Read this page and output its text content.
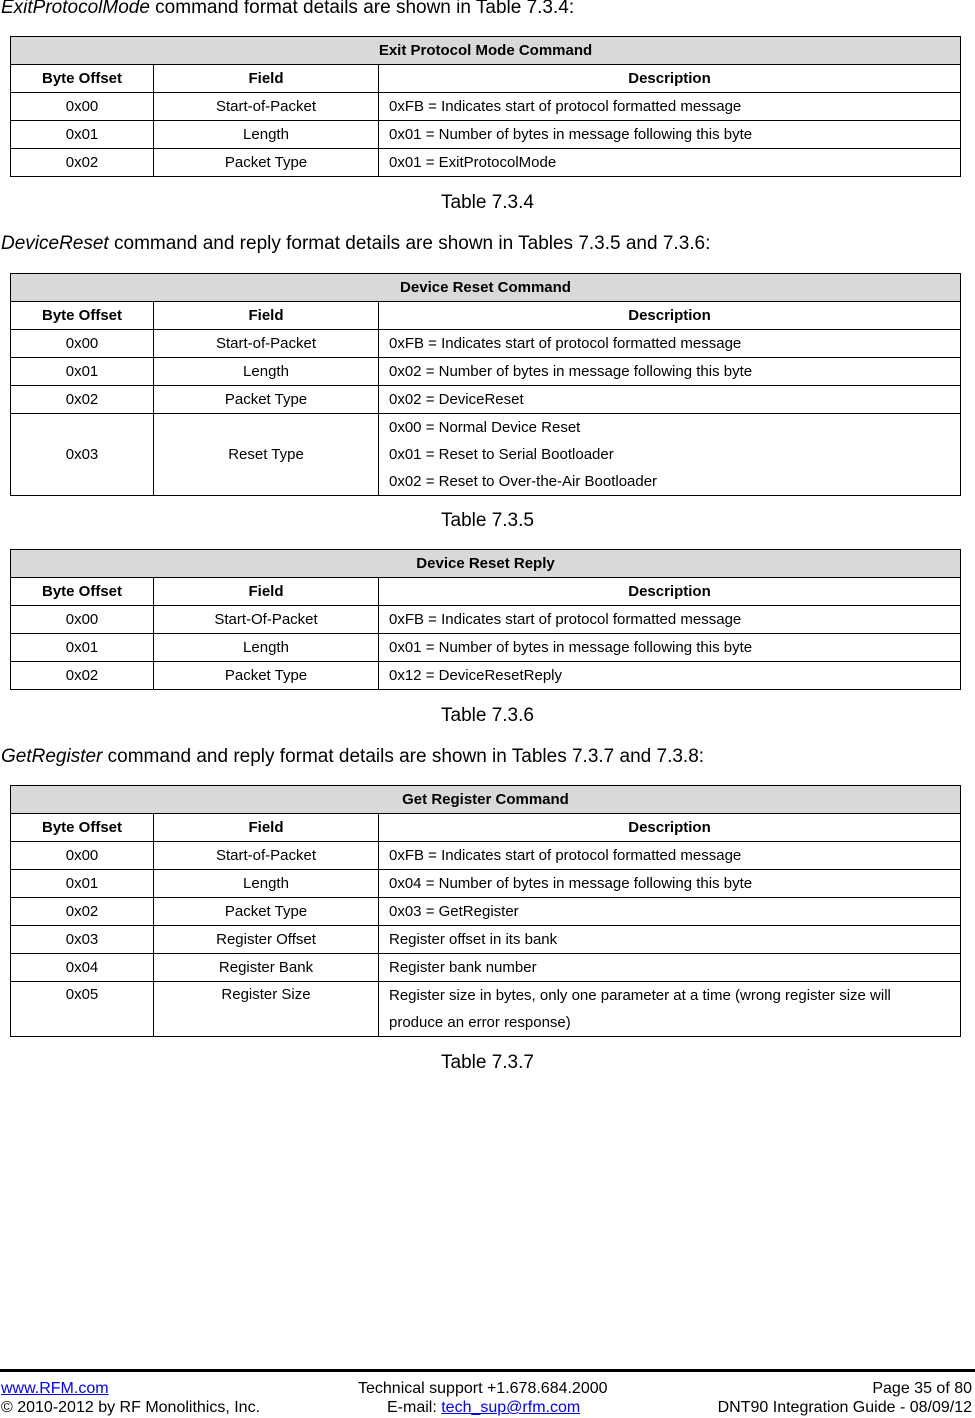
ExitProtocolMode command format details are shown in Table 7.3.4:
Exit Protocol Mode Command		
Byte Offset	Field	Description
0x00	Start-of-Packet	0xFB = Indicates start of protocol formatted message
0x01	Length	0x01 = Number of bytes in message following this byte
0x02	Packet Type	0x01 = ExitProtocolMode
Table 7.3.4
DeviceReset command and reply format details are shown in Tables 7.3.5 and 7.3.6:
Device Reset Command		
Byte Offset	Field	Description
0x00	Start-of-Packet	0xFB = Indicates start of protocol formatted message
0x01	Length	0x02 = Number of bytes in message following this byte
0x02	Packet Type	0x02 = DeviceReset
0x03	Reset Type	0x00 = Normal Device Reset
0x01 = Reset to Serial Bootloader
0x02 = Reset to Over-the-Air Bootloader
Table 7.3.5
Device Reset Reply		
Byte Offset	Field	Description
0x00	Start-Of-Packet	0xFB = Indicates start of protocol formatted message
0x01	Length	0x01 = Number of bytes in message following this byte
0x02	Packet Type	0x12 = DeviceResetReply
Table 7.3.6
GetRegister command and reply format details are shown in Tables 7.3.7 and 7.3.8:
Get Register Command		
Byte Offset	Field	Description
0x00	Start-of-Packet	0xFB = Indicates start of protocol formatted message
0x01	Length	0x04 = Number of bytes in message following this byte
0x02	Packet Type	0x03 = GetRegister
0x03	Register Offset	Register offset in its bank
0x04	Register Bank	Register bank number
0x05	Register Size	Register size in bytes, only one parameter at a time (wrong register size will
produce an error response)
Table 7.3.7
www.RFM.com	Technical support +1.678.684.2000	Page 35 of 80
© 2010-2012 by RF Monolithics, Inc.	E-mail: tech_sup@rfm.com	DNT90 Integration Guide - 08/09/12
